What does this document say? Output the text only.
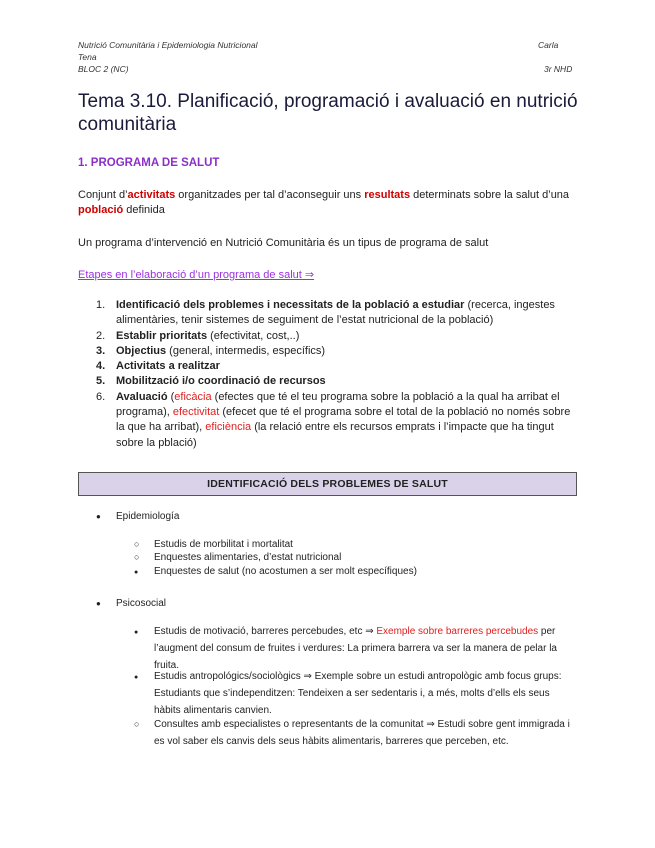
Nutrició Comunitària i Epidemiologia Nutricional	Carla
Tena
BLOC 2 (NC)	3r NHD
Tema 3.10. Planificació, programació i avaluació en nutrició comunitària
1. PROGRAMA DE SALUT
Conjunt d’activitats organitzades per tal d’aconseguir uns resultats determinats sobre la salut d’una població definida
Un programa d’intervenció en Nutrició Comunitària és un tipus de programa de salut
Etapes en l’elaboració d’un programa de salut ⇒
1. Identificació dels problemes i necessitats de la població a estudiar (recerca, ingestes alimentàries, tenir sistemes de seguiment de l’estat nutricional de la població)
2. Establir prioritats (efectivitat, cost,..)
3. Objectius (general, intermedis, específics)
4. Activitats a realitzar
5. Mobilització i/o coordinació de recursos
6. Avaluació (eficàcia (efectes que té el teu programa sobre la població a la qual ha arribat el programa), efectivitat (efecet que té el programa sobre el total de la població no només sobre la que ha arribat), eficiència (la relació entre els recursos emprats i l’impacte que ha tingut sobre la pblació)
IDENTIFICACIÓ DELS PROBLEMES DE SALUT
● Epidemiología
○	Estudis de morbilitat i mortalitat
○	Enquestes alimentaries, d’estat nutricional
●	Enquestes de salut (no acostumen a ser molt específiques)
● Psicosocial
●	Estudis de motivació, barreres percebudes, etc ⇒ Exemple sobre barreres percebudes per l’augment del consum de fruites i verdures: La primera barrera va ser la manera de pelar la fruita.
●	Estudis antropológics/sociològics ⇒ Exemple sobre un estudi antropològic amb focus grups: Estudiants que s’independitzen: Tendeixen a ser sedentaris i, a més, molts d’ells els seus hàbits alimentaris canvien.
○	Consultes amb especialistes o representants de la comunitat ⇒ Estudi sobre gent immigrada i es vol saber els canvis dels seus hàbits alimentaris, barreres que perceben, etc.
